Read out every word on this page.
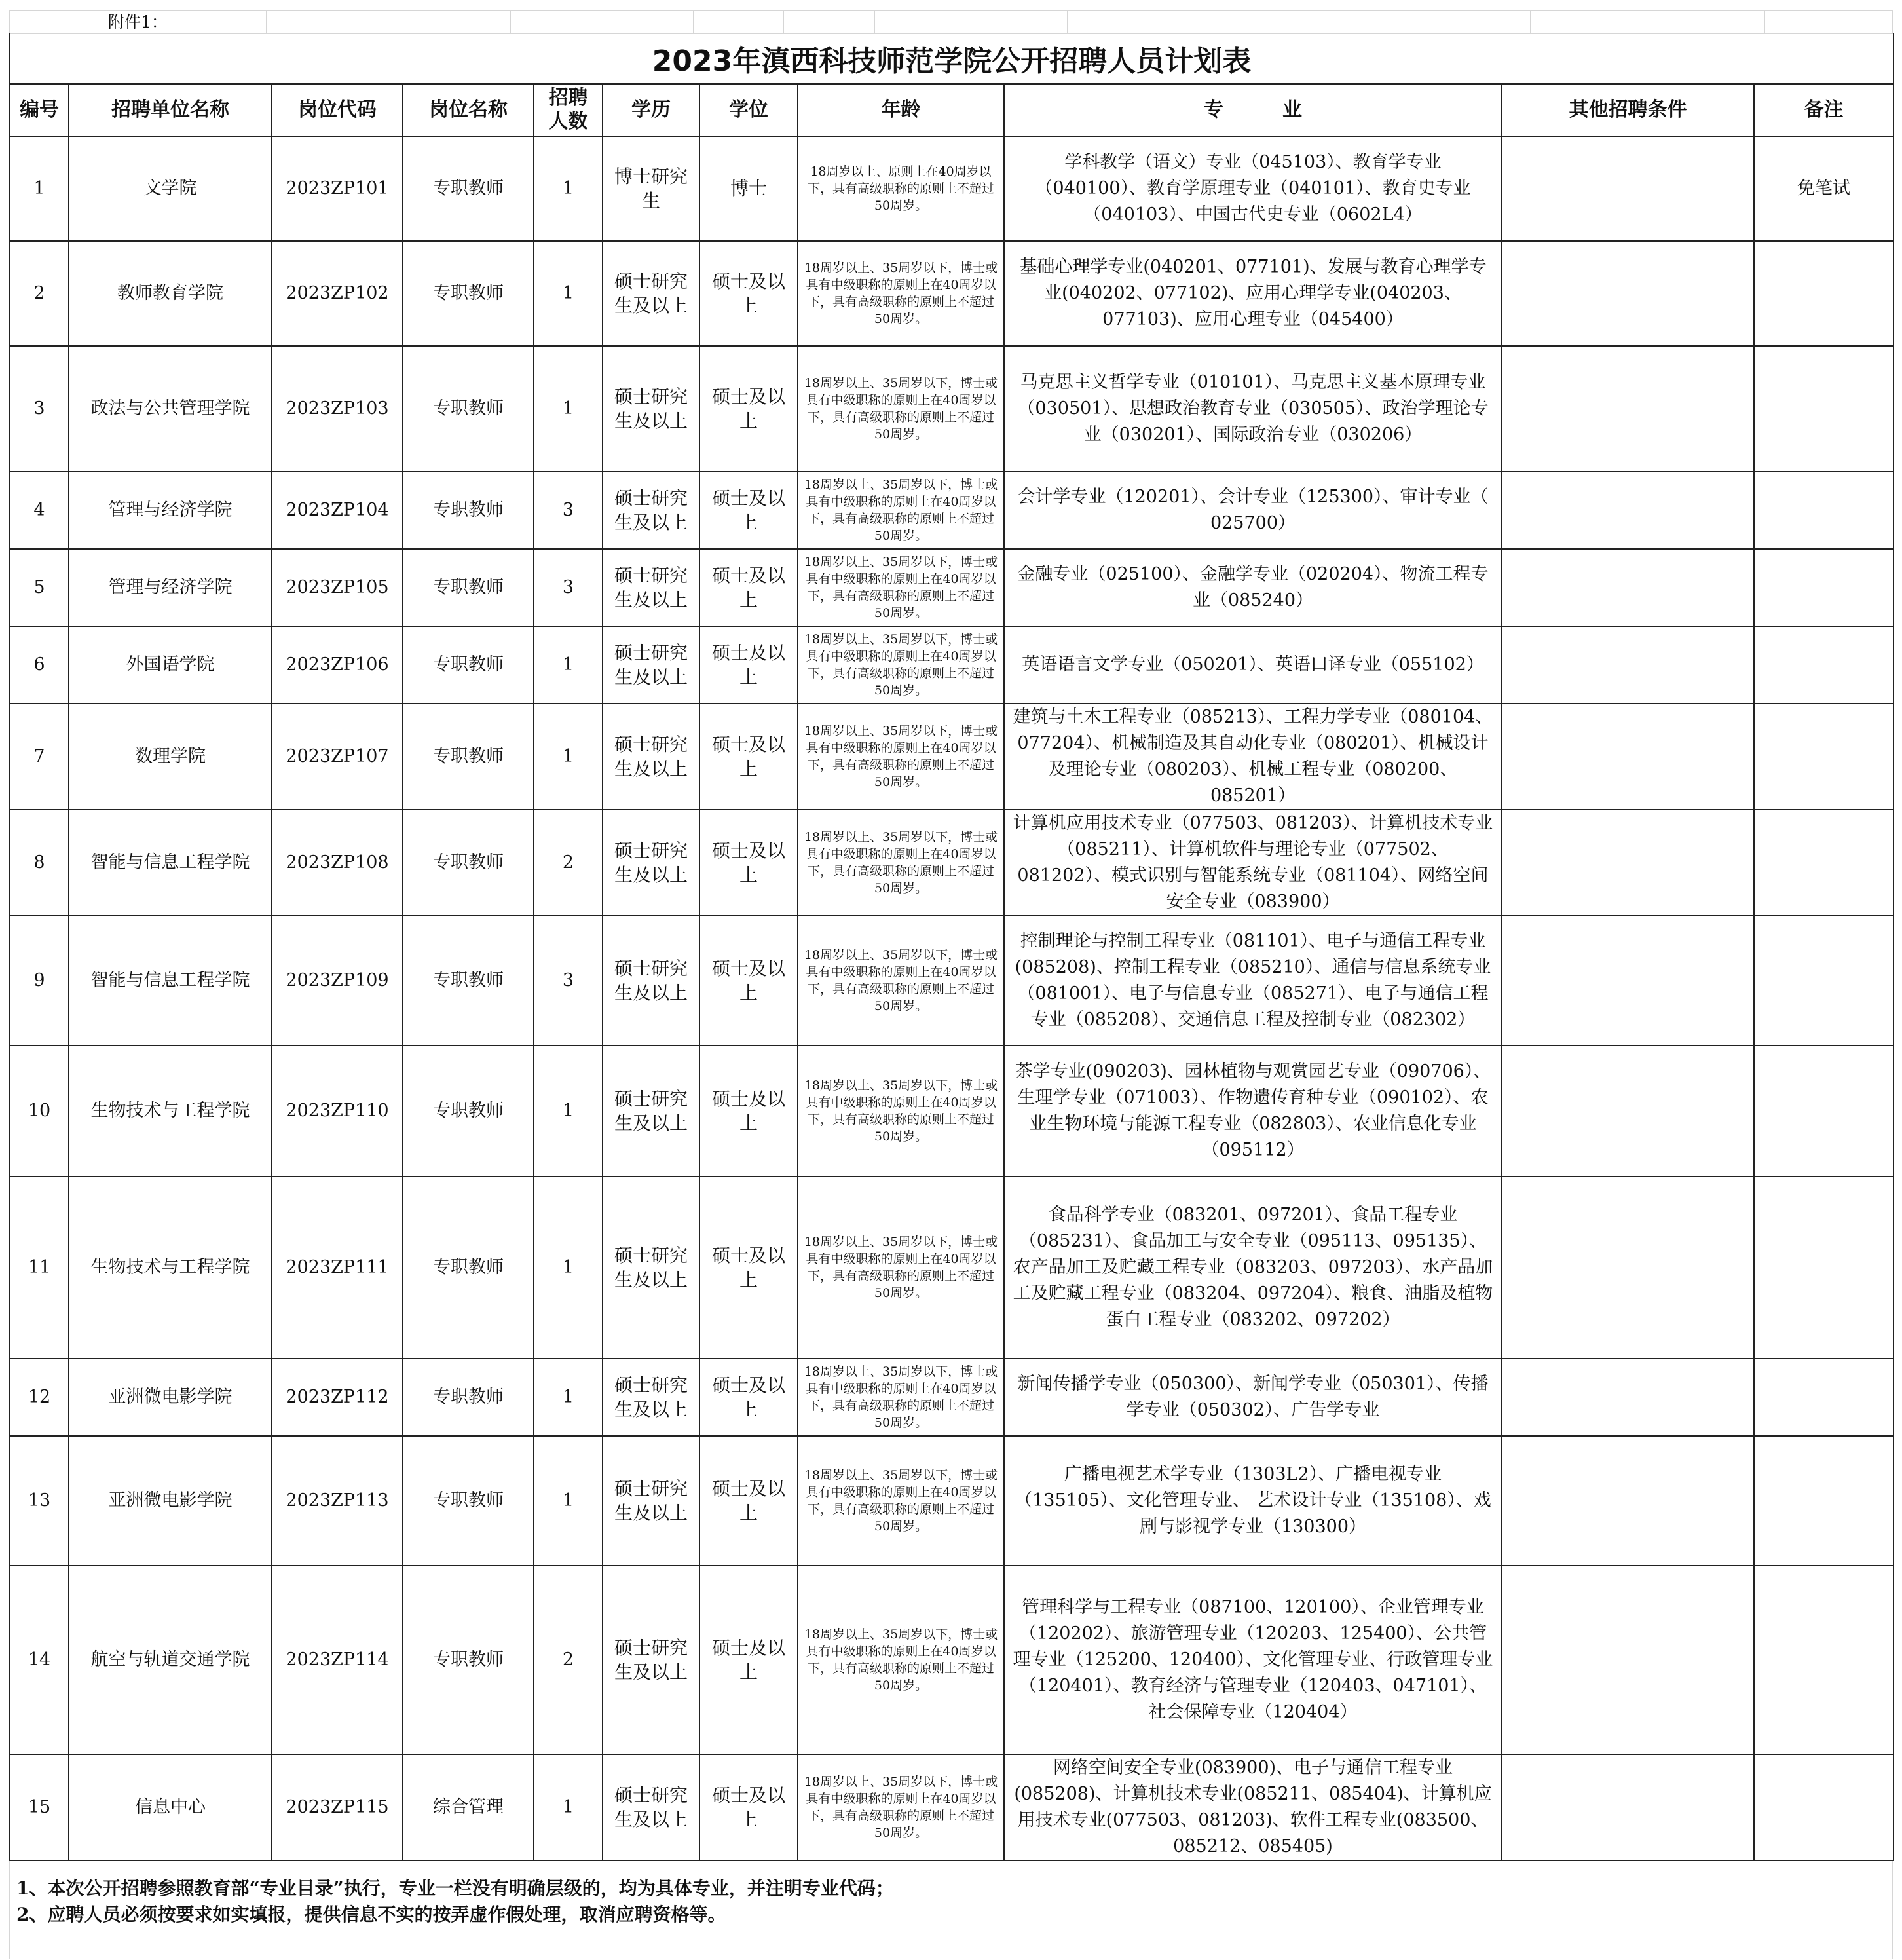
附件1：
2023年滇西科技师范学院公开招聘人员计划表										
编号	招聘单位名称	岗位代码	岗位名称	招聘人数	学历	学位	年龄	专　　　业	其他招聘条件	备注
1	文学院	2023ZP101	专职教师	1	博士研究生	博士	18周岁以上、原则上在40周岁以下，具有高级职称的原则上不超过50周岁。	学科教学（语文）专业（045103）、教育学专业（040100）、教育学原理专业（040101）、教育史专业（040103）、中国古代史专业（0602L4）		免笔试
2	教师教育学院	2023ZP102	专职教师	1	硕士研究生及以上	硕士及以上	18周岁以上、35周岁以下，博士或具有中级职称的原则上在40周岁以下，具有高级职称的原则上不超过50周岁。	基础心理学专业(040201、077101)、发展与教育心理学专业(040202、077102)、应用心理学专业(040203、077103)、应用心理专业（045400）		
3	政法与公共管理学院	2023ZP103	专职教师	1	硕士研究生及以上	硕士及以上	18周岁以上、35周岁以下，博士或具有中级职称的原则上在40周岁以下，具有高级职称的原则上不超过50周岁。	马克思主义哲学专业（010101）、马克思主义基本原理专业（030501）、思想政治教育专业（030505）、政治学理论专业（030201）、国际政治专业（030206）		
4	管理与经济学院	2023ZP104	专职教师	3	硕士研究生及以上	硕士及以上	18周岁以上、35周岁以下，博士或具有中级职称的原则上在40周岁以下，具有高级职称的原则上不超过50周岁。	会计学专业（120201）、会计专业（125300）、审计专业（ 025700）		
5	管理与经济学院	2023ZP105	专职教师	3	硕士研究生及以上	硕士及以上	18周岁以上、35周岁以下，博士或具有中级职称的原则上在40周岁以下，具有高级职称的原则上不超过50周岁。	金融专业（025100）、金融学专业（020204）、物流工程专业（085240）		
6	外国语学院	2023ZP106	专职教师	1	硕士研究生及以上	硕士及以上	18周岁以上、35周岁以下，博士或具有中级职称的原则上在40周岁以下，具有高级职称的原则上不超过50周岁。	英语语言文学专业（050201）、英语口译专业（055102）		
7	数理学院	2023ZP107	专职教师	1	硕士研究生及以上	硕士及以上	18周岁以上、35周岁以下，博士或具有中级职称的原则上在40周岁以下，具有高级职称的原则上不超过50周岁。	建筑与土木工程专业（085213）、工程力学专业（080104、077204）、机械制造及其自动化专业（080201）、机械设计及理论专业（080203）、机械工程专业（080200、085201）		
8	智能与信息工程学院	2023ZP108	专职教师	2	硕士研究生及以上	硕士及以上	18周岁以上、35周岁以下，博士或具有中级职称的原则上在40周岁以下，具有高级职称的原则上不超过50周岁。	计算机应用技术专业（077503、081203）、计算机技术专业（085211）、计算机软件与理论专业（077502、081202）、模式识别与智能系统专业（081104）、网络空间安全专业（083900）		
9	智能与信息工程学院	2023ZP109	专职教师	3	硕士研究生及以上	硕士及以上	18周岁以上、35周岁以下，博士或具有中级职称的原则上在40周岁以下，具有高级职称的原则上不超过50周岁。	控制理论与控制工程专业（081101）、电子与通信工程专业(085208)、控制工程专业（085210）、通信与信息系统专业（081001）、电子与信息专业（085271）、电子与通信工程专业（085208）、交通信息工程及控制专业（082302）		
10	生物技术与工程学院	2023ZP110	专职教师	1	硕士研究生及以上	硕士及以上	18周岁以上、35周岁以下，博士或具有中级职称的原则上在40周岁以下，具有高级职称的原则上不超过50周岁。	茶学专业(090203)、园林植物与观赏园艺专业（090706）、生理学专业（071003）、作物遗传育种专业（090102）、农业生物环境与能源工程专业（082803）、农业信息化专业（095112）		
11	生物技术与工程学院	2023ZP111	专职教师	1	硕士研究生及以上	硕士及以上	18周岁以上、35周岁以下，博士或具有中级职称的原则上在40周岁以下，具有高级职称的原则上不超过50周岁。	食品科学专业（083201、097201）、食品工程专业（085231）、食品加工与安全专业（095113、095135）、农产品加工及贮藏工程专业（083203、097203）、水产品加工及贮藏工程专业（083204、097204）、粮食、油脂及植物蛋白工程专业（083202、097202）		
12	亚洲微电影学院	2023ZP112	专职教师	1	硕士研究生及以上	硕士及以上	18周岁以上、35周岁以下，博士或具有中级职称的原则上在40周岁以下，具有高级职称的原则上不超过50周岁。	新闻传播学专业（050300）、新闻学专业（050301）、传播学专业（050302）、广告学专业		
13	亚洲微电影学院	2023ZP113	专职教师	1	硕士研究生及以上	硕士及以上	18周岁以上、35周岁以下，博士或具有中级职称的原则上在40周岁以下，具有高级职称的原则上不超过50周岁。	广播电视艺术学专业（1303L2）、广播电视专业（135105）、文化管理专业、 艺术设计专业（135108）、戏剧与影视学专业（130300）		
14	航空与轨道交通学院	2023ZP114	专职教师	2	硕士研究生及以上	硕士及以上	18周岁以上、35周岁以下，博士或具有中级职称的原则上在40周岁以下，具有高级职称的原则上不超过50周岁。	管理科学与工程专业（087100、120100）、企业管理专业（120202）、旅游管理专业（120203、125400）、公共管理专业（125200、120400）、文化管理专业、行政管理专业（120401）、教育经济与管理专业（120403、047101）、社会保障专业（120404）		
15	信息中心	2023ZP115	综合管理	1	硕士研究生及以上	硕士及以上	18周岁以上、35周岁以下，博士或具有中级职称的原则上在40周岁以下，具有高级职称的原则上不超过50周岁。	网络空间安全专业(083900)、电子与通信工程专业(085208)、计算机技术专业(085211、085404)、计算机应用技术专业(077503、081203)、软件工程专业(083500、085212、085405)		
1、本次公开招聘参照教育部“专业目录”执行，专业一栏没有明确层级的，均为具体专业，并注明专业代码；
2、应聘人员必须按要求如实填报，提供信息不实的按弄虚作假处理，取消应聘资格等。
